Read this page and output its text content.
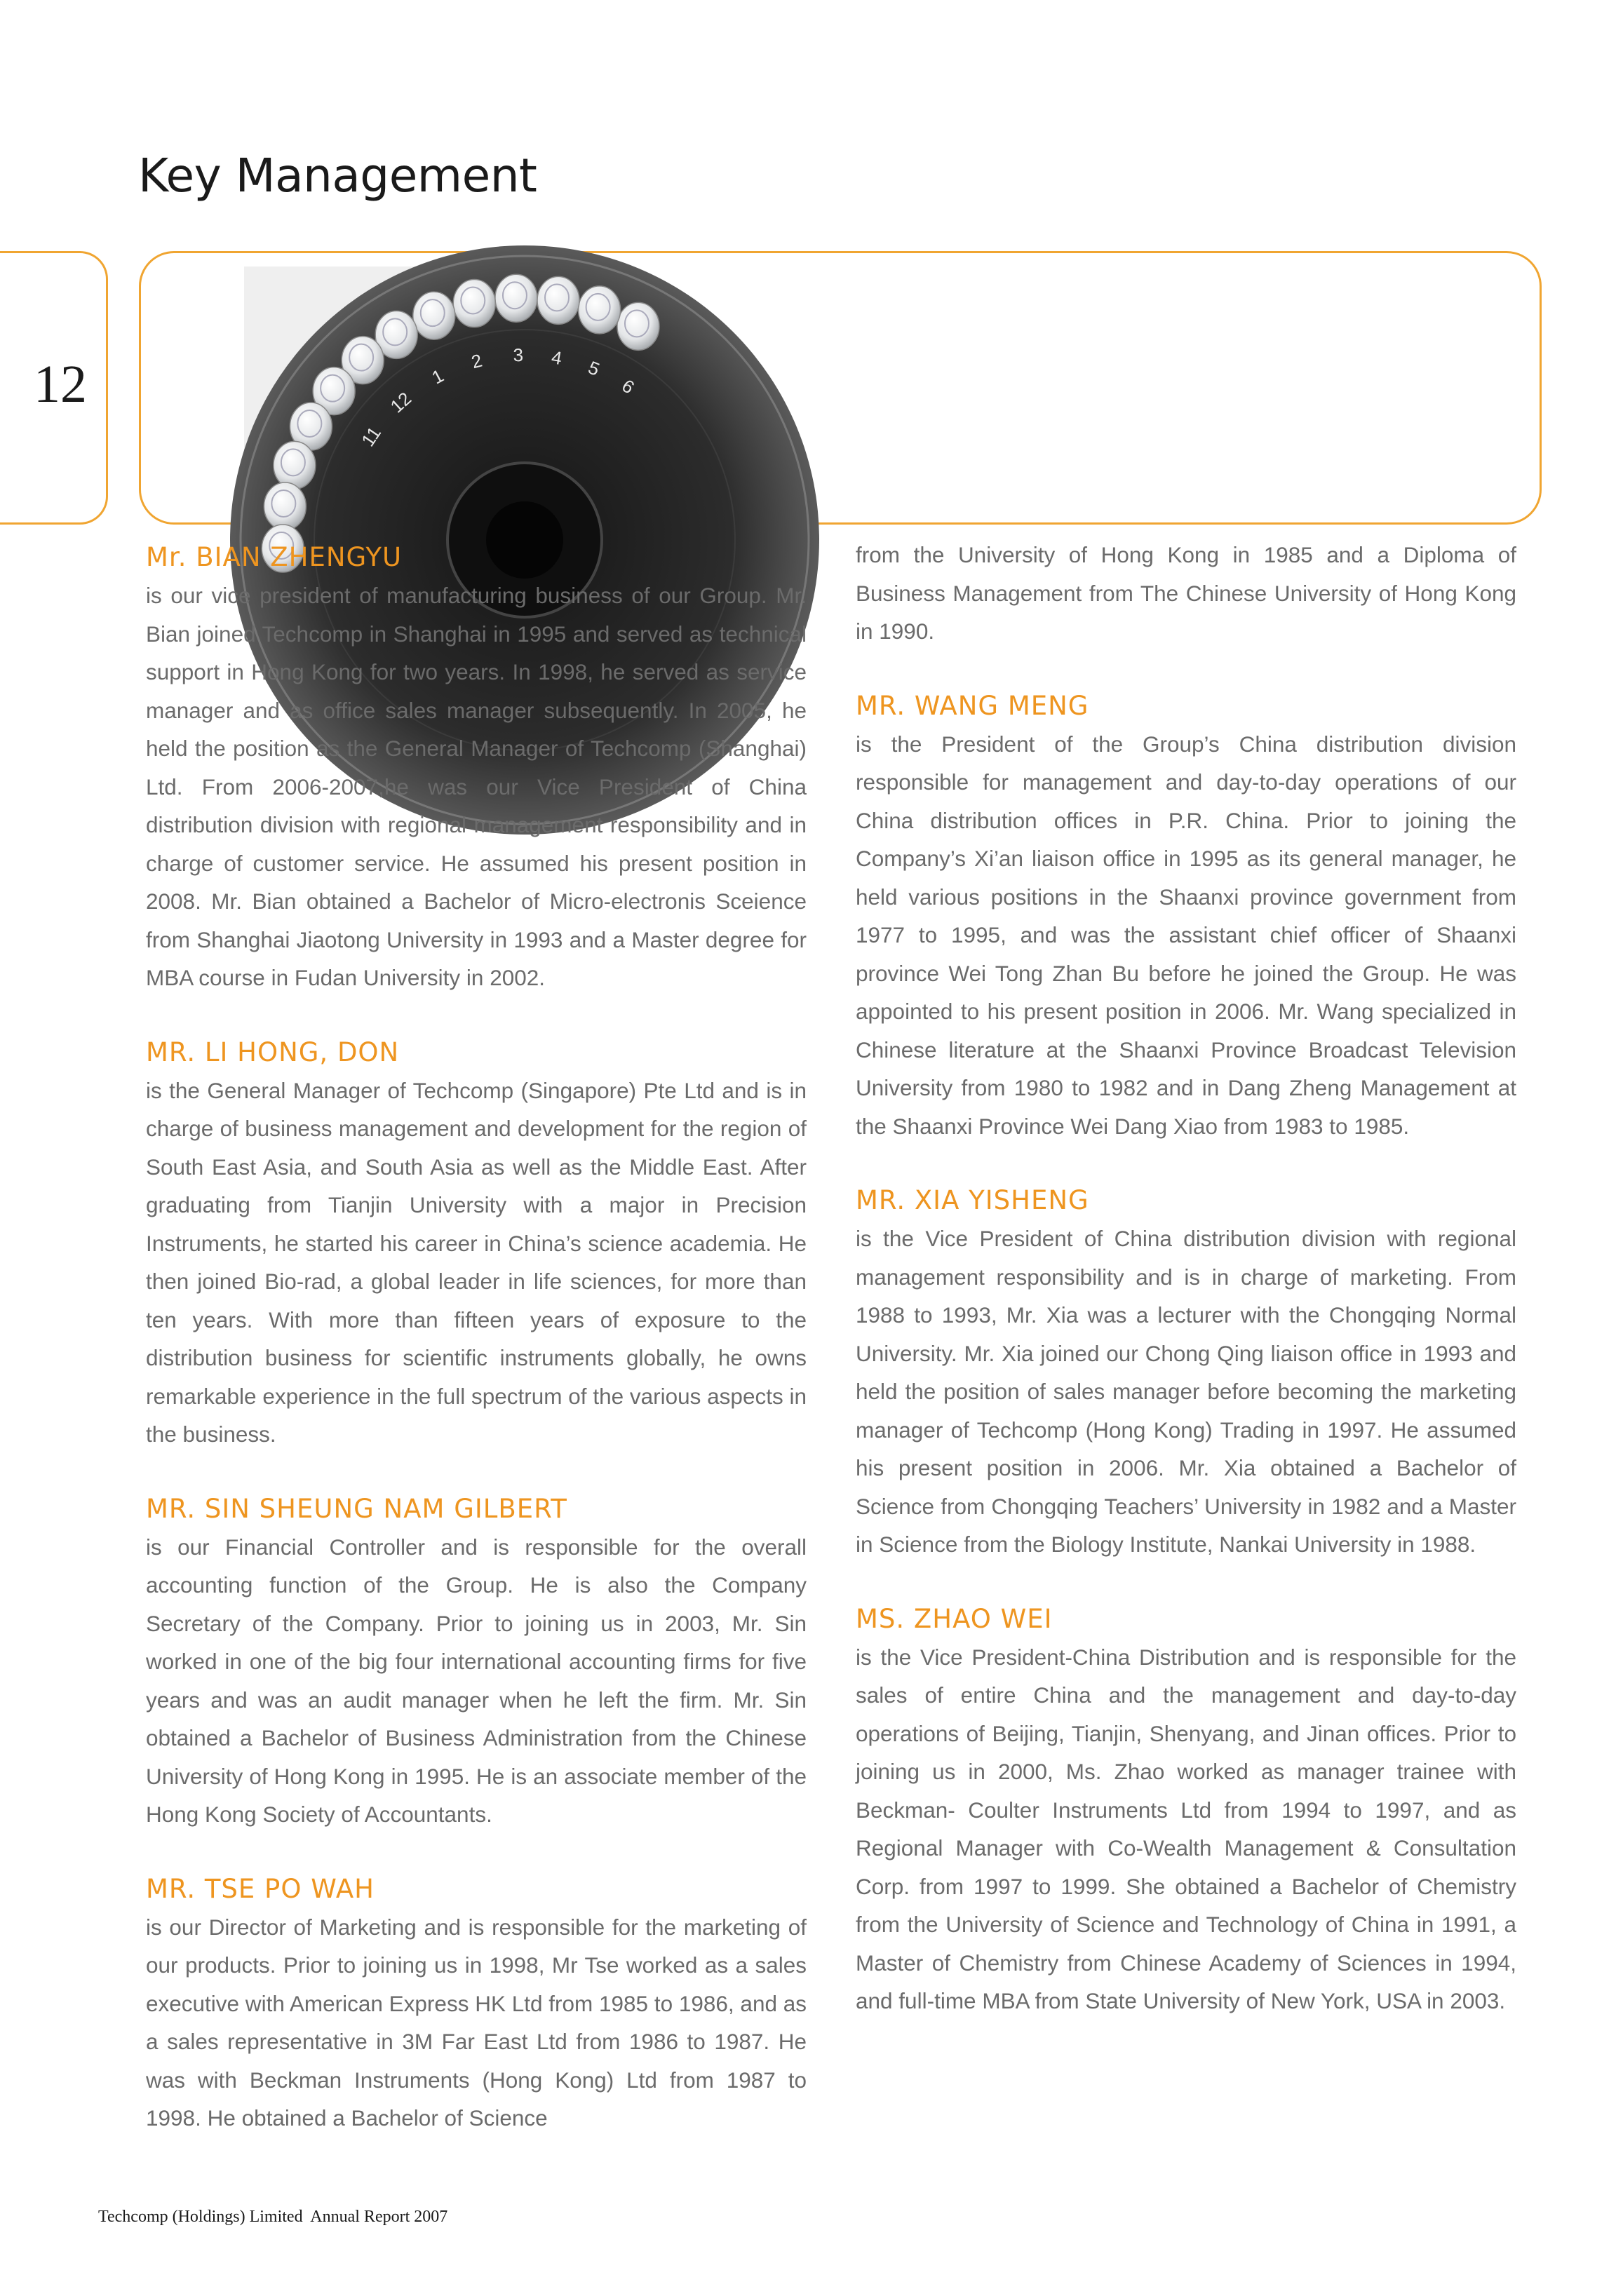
Key Management

12	1
2 3 4 5
6
12
11
Mr. BIAN ZHENGYU

is our vice president of manufacturing business of our Group. Mr. Bian joined Techcomp in Shanghai in 1995 and served as technical support in Hong Kong for two years. In 1998, he served as service manager and as office sales manager subsequently. In 2005, he held the position as the General Manager of Techcomp (Shanghai) Ltd. From 2006-2007,he was our Vice President of China distribution division with regional management responsibility and in charge of customer service. He assumed his present position in 2008. Mr. Bian obtained a Bachelor of Micro-electronis Sceience from Shanghai Jiaotong University in 1993 and a Master degree for MBA course in Fudan University in 2002.

MR. LI HONG, DON

is the General Manager of Techcomp (Singapore) Pte Ltd and is in charge of business management and development for the region of South East Asia, and South Asia as well as the Middle East. After graduating from Tianjin University with a major in Precision Instruments, he started his career in China’s science academia. He then joined Bio-rad, a global leader in life sciences, for more than ten years. With more than fifteen years of exposure to the distribution business for scientific instruments globally, he owns remarkable experience in the full spectrum of the various aspects in the business.

MR. SIN SHEUNG NAM GILBERT

is our Financial Controller and is responsible for the overall accounting function of the Group. He is also the Company Secretary of the Company. Prior to joining us in 2003, Mr. Sin worked in one of the big four international accounting firms for five years and was an audit manager when he left the firm. Mr. Sin obtained a Bachelor of Business Administration from the Chinese University of Hong Kong in 1995. He is an associate member of the Hong Kong Society of Accountants.

MR. TSE PO WAH

is our Director of Marketing and is responsible for the marketing of our products. Prior to joining us in 1998, Mr Tse worked as a sales executive with American Express HK Ltd from 1985 to 1986, and as a sales representative in 3M Far East Ltd from 1986 to 1987. He was with Beckman Instruments (Hong Kong) Ltd from 1987 to 1998. He obtained a Bachelor of Science

from the University of Hong Kong in 1985 and a Diploma of Business Management from The Chinese University of Hong Kong in 1990.

MR. WANG MENG

is the President of the Group’s China distribution division responsible for management and day-to-day operations of our China distribution offices in P.R. China. Prior to joining the Company’s Xi’an liaison office in 1995 as its general manager, he held various positions in the Shaanxi province government from 1977 to 1995, and was the assistant chief officer of Shaanxi province Wei Tong Zhan Bu before he joined the Group. He was appointed to his present position in 2006. Mr. Wang specialized in Chinese literature at the Shaanxi Province Broadcast Television University from 1980 to 1982 and in Dang Zheng Management at the Shaanxi Province Wei Dang Xiao from 1983 to 1985.

MR. XIA YISHENG

is the Vice President of China distribution division with regional management responsibility and is in charge of marketing. From 1988 to 1993, Mr. Xia was a lecturer with the Chongqing Normal University. Mr. Xia joined our Chong Qing liaison office in 1993 and held the position of sales manager before becoming the marketing manager of Techcomp (Hong Kong) Trading in 1997. He assumed his present position in 2006. Mr. Xia obtained a Bachelor of Science from Chongqing Teachers’ University in 1982 and a Master in Science from the Biology Institute, Nankai University in 1988.

MS. ZHAO WEI

is the Vice President-China Distribution and is responsible for the sales of entire China and the management and day-to-day operations of Beijing, Tianjin, Shenyang, and Jinan offices. Prior to joining us in 2000, Ms. Zhao worked as manager trainee with Beckman- Coulter Instruments Ltd from 1994 to 1997, and as Regional Manager with Co-Wealth Management & Consultation Corp. from 1997 to 1999. She obtained a Bachelor of Chemistry from the University of Science and Technology of China in 1991, a Master of Chemistry from Chinese Academy of Sciences in 1994, and full-time MBA from State University of New York, USA in 2003.

Techcomp (Holdings) Limited Annual Report 2007
